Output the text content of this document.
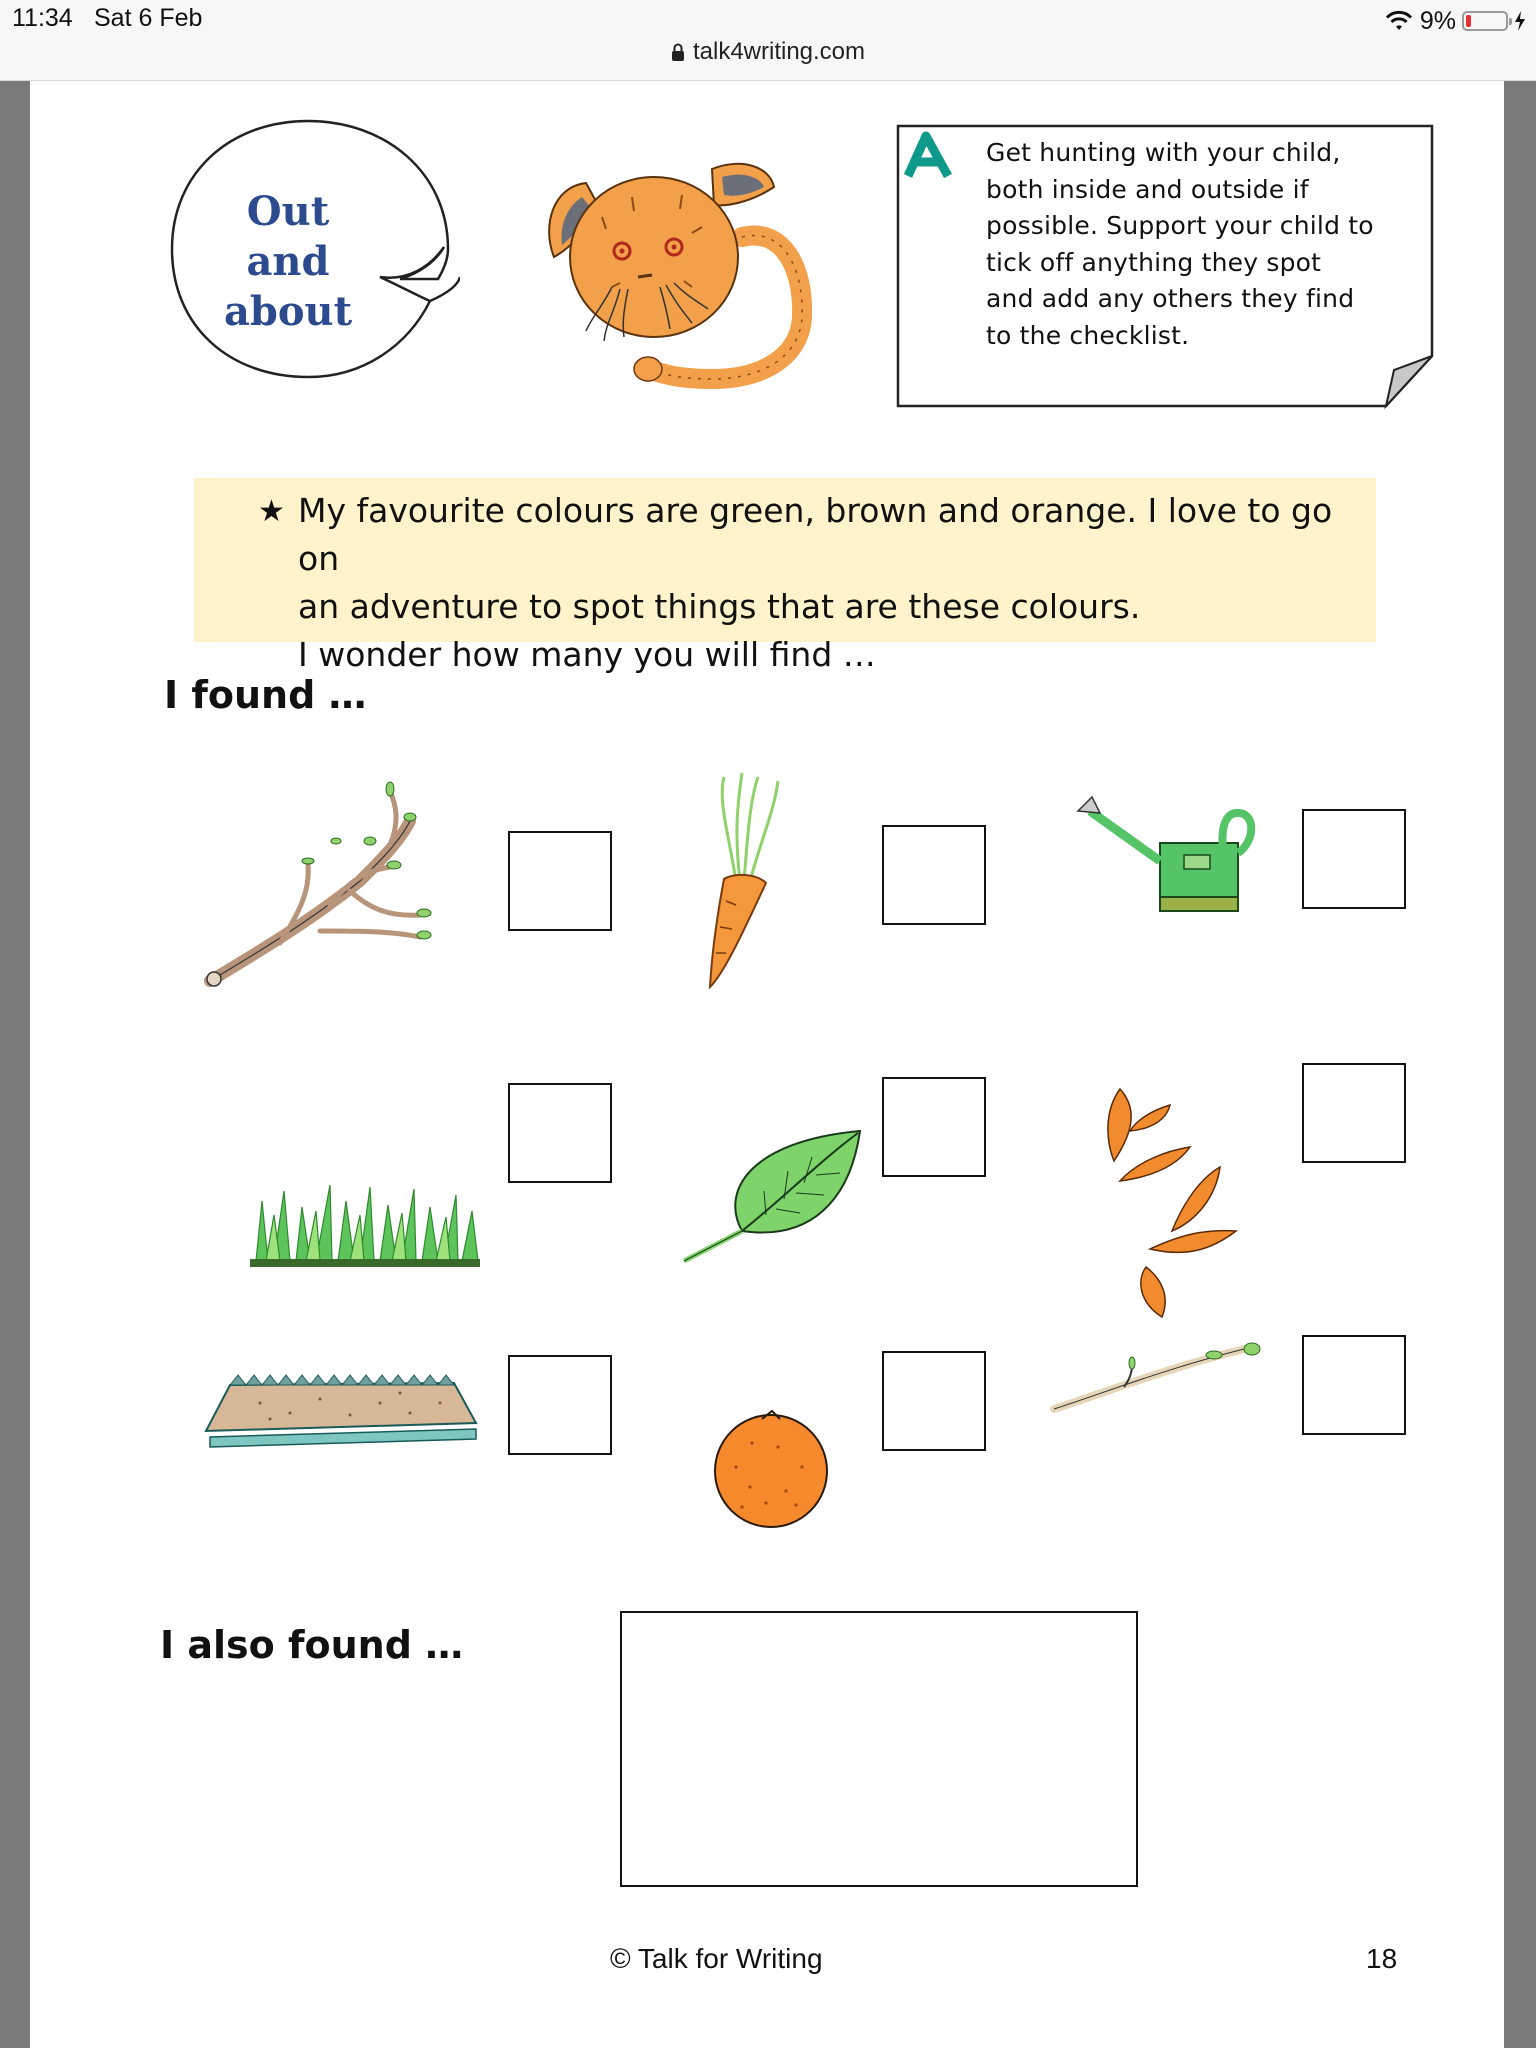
11:34 Sat 6 Feb	9%
talk4writing.com
Out
and
about
Get hunting with your child,
both inside and outside if
possible. Support your child to
tick off anything they spot
and add any others they find
to the checklist.
★ My favourite colours are green, brown and orange. I love to go on
an adventure to spot things that are these colours.
I wonder how many you will find …
I found …
I also found …
© Talk for Writing	18
